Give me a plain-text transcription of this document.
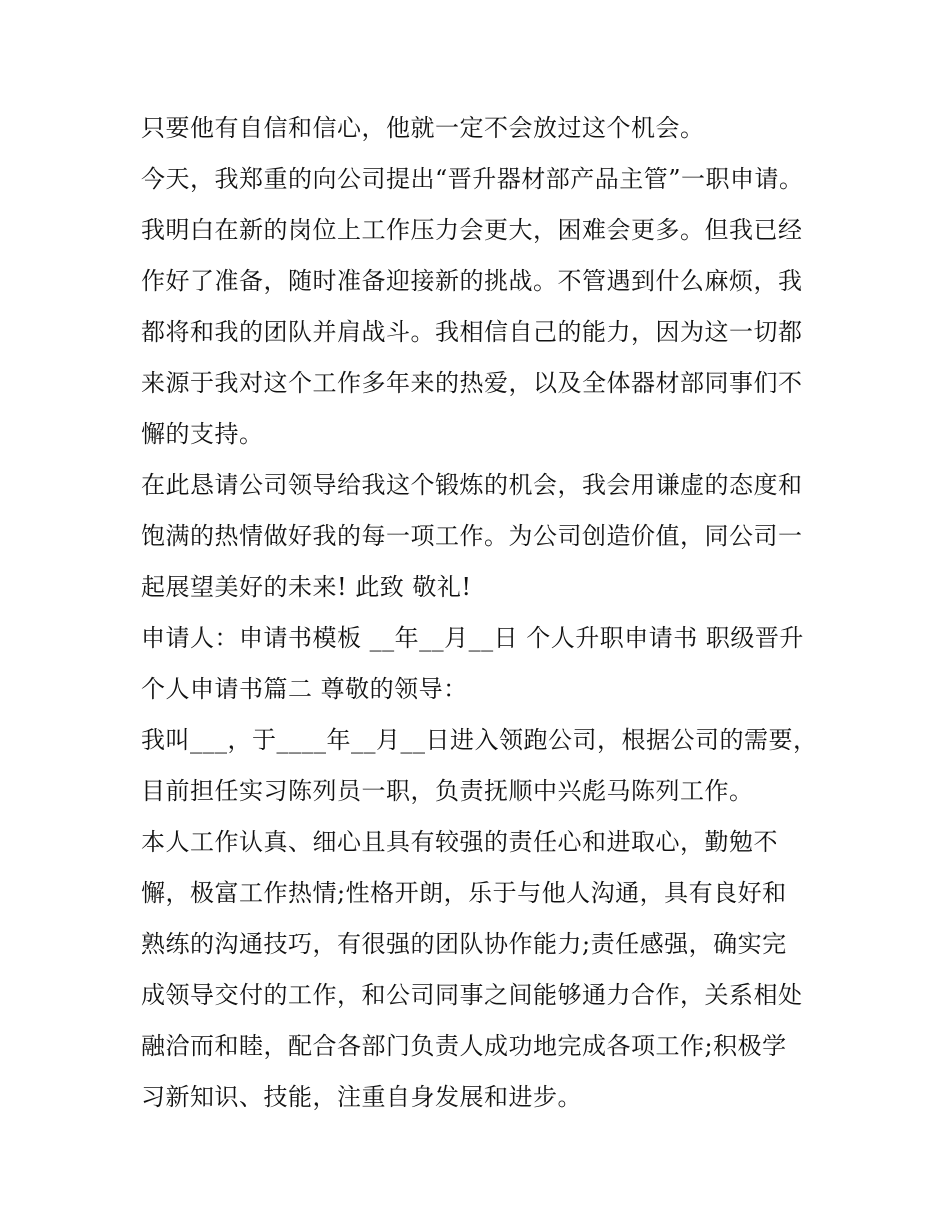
只要他有自信和信心，他就一定不会放过这个机会。
今天，我郑重的向公司提出“晋升器材部产品主管”一职申请。
我明白在新的岗位上工作压力会更大，困难会更多。但我已经
作好了准备，随时准备迎接新的挑战。不管遇到什么麻烦，我
都将和我的团队并肩战斗。我相信自己的能力，因为这一切都
来源于我对这个工作多年来的热爱，以及全体器材部同事们不
懈的支持。
在此恳请公司领导给我这个锻炼的机会，我会用谦虚的态度和
饱满的热情做好我的每一项工作。为公司创造价值，同公司一
起展望美好的未来! 此致 敬礼!
申请人：申请书模板 __年__月__日 个人升职申请书 职级晋升
个人申请书篇二 尊敬的领导：
我叫___，于____年__月__日进入领跑公司，根据公司的需要，
目前担任实习陈列员一职，负责抚顺中兴彪马陈列工作。
本人工作认真、细心且具有较强的责任心和进取心，勤勉不
懈，极富工作热情;性格开朗，乐于与他人沟通，具有良好和
熟练的沟通技巧，有很强的团队协作能力;责任感强，确实完
成领导交付的工作，和公司同事之间能够通力合作，关系相处
融洽而和睦，配合各部门负责人成功地完成各项工作;积极学
习新知识、技能，注重自身发展和进步。
